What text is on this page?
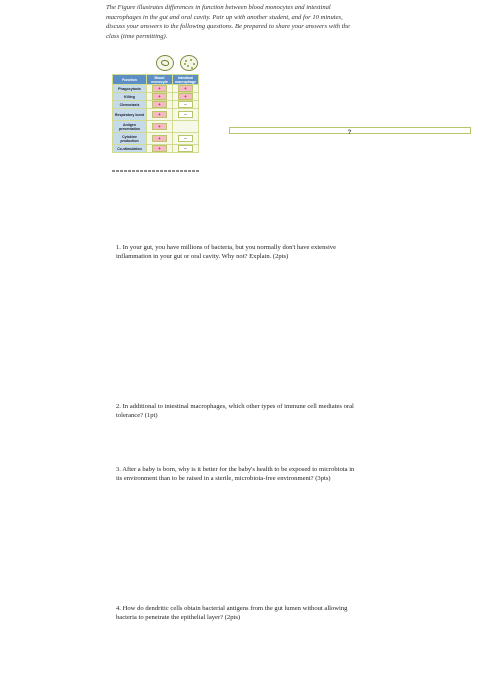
The Figure illustrates differences in function between blood monocytes and intestinal macrophages in the gut and oral cavity. Pair up with another student, and for 10 minutes, discuss your answers to the following questions. Be prepared to share your answers with the class (time permitting).

Function	Blood monocyte	Intestinal macrophage
Phagocytosis	+	+
Killing	+	+
Chemotaxis	+	−
Respiratory burst	+	−
Antigen presentation	+	?

Cytokine production	+	−
Co-stimulation	+	−

1. In your gut, you have millions of bacteria, but you normally don't have extensive inflammation in your gut or oral cavity. Why not? Explain. (2pts)

2. In additional to intestinal macrophages, which other types of immune cell mediates oral tolerance? (1pt)

3. After a baby is born, why is it better for the baby's health to be exposed to microbiota in its environment than to be raised in a sterile, microbiota-free environment? (3pts)

4. How do dendritic cells obtain bacterial antigens from the gut lumen without allowing bacteria to penetrate the epithelial layer? (2pts)
